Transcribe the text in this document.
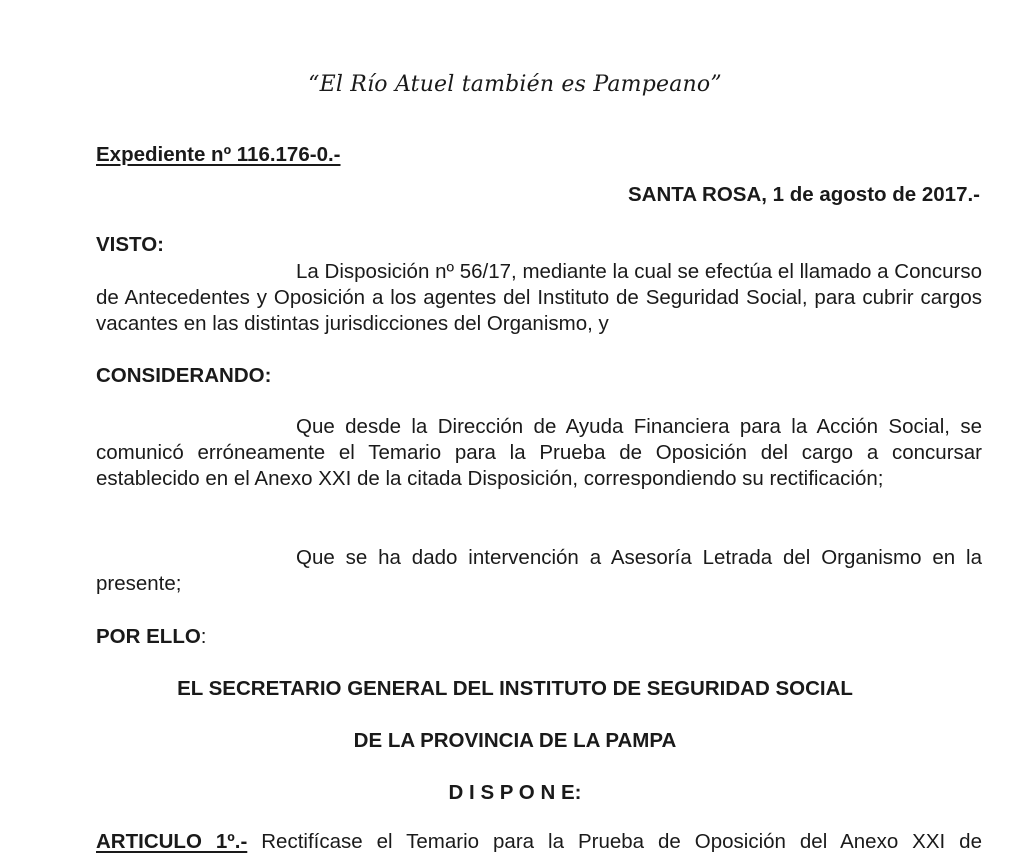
“El Río Atuel también es Pampeano”
Expediente nº 116.176-0.-
SANTA ROSA, 1 de agosto de 2017.-
VISTO:
La Disposición nº 56/17, mediante la cual se efectúa el llamado a Concurso de Antecedentes y Oposición a los agentes del Instituto de Seguridad Social, para cubrir cargos vacantes en las distintas jurisdicciones del Organismo, y
CONSIDERANDO:
Que desde la Dirección de Ayuda Financiera para la Acción Social, se comunicó erróneamente el Temario para la Prueba de Oposición del cargo a concursar establecido en el Anexo XXI de la citada Disposición, correspondiendo su rectificación;
Que se ha dado intervención a Asesoría Letrada del Organismo en la presente;
POR ELLO:
EL SECRETARIO GENERAL DEL INSTITUTO DE SEGURIDAD SOCIAL
DE LA PROVINCIA DE LA PAMPA
D I S P O N E:
ARTICULO 1º.- Rectifícase el Temario para la Prueba de Oposición del Anexo XXI de
